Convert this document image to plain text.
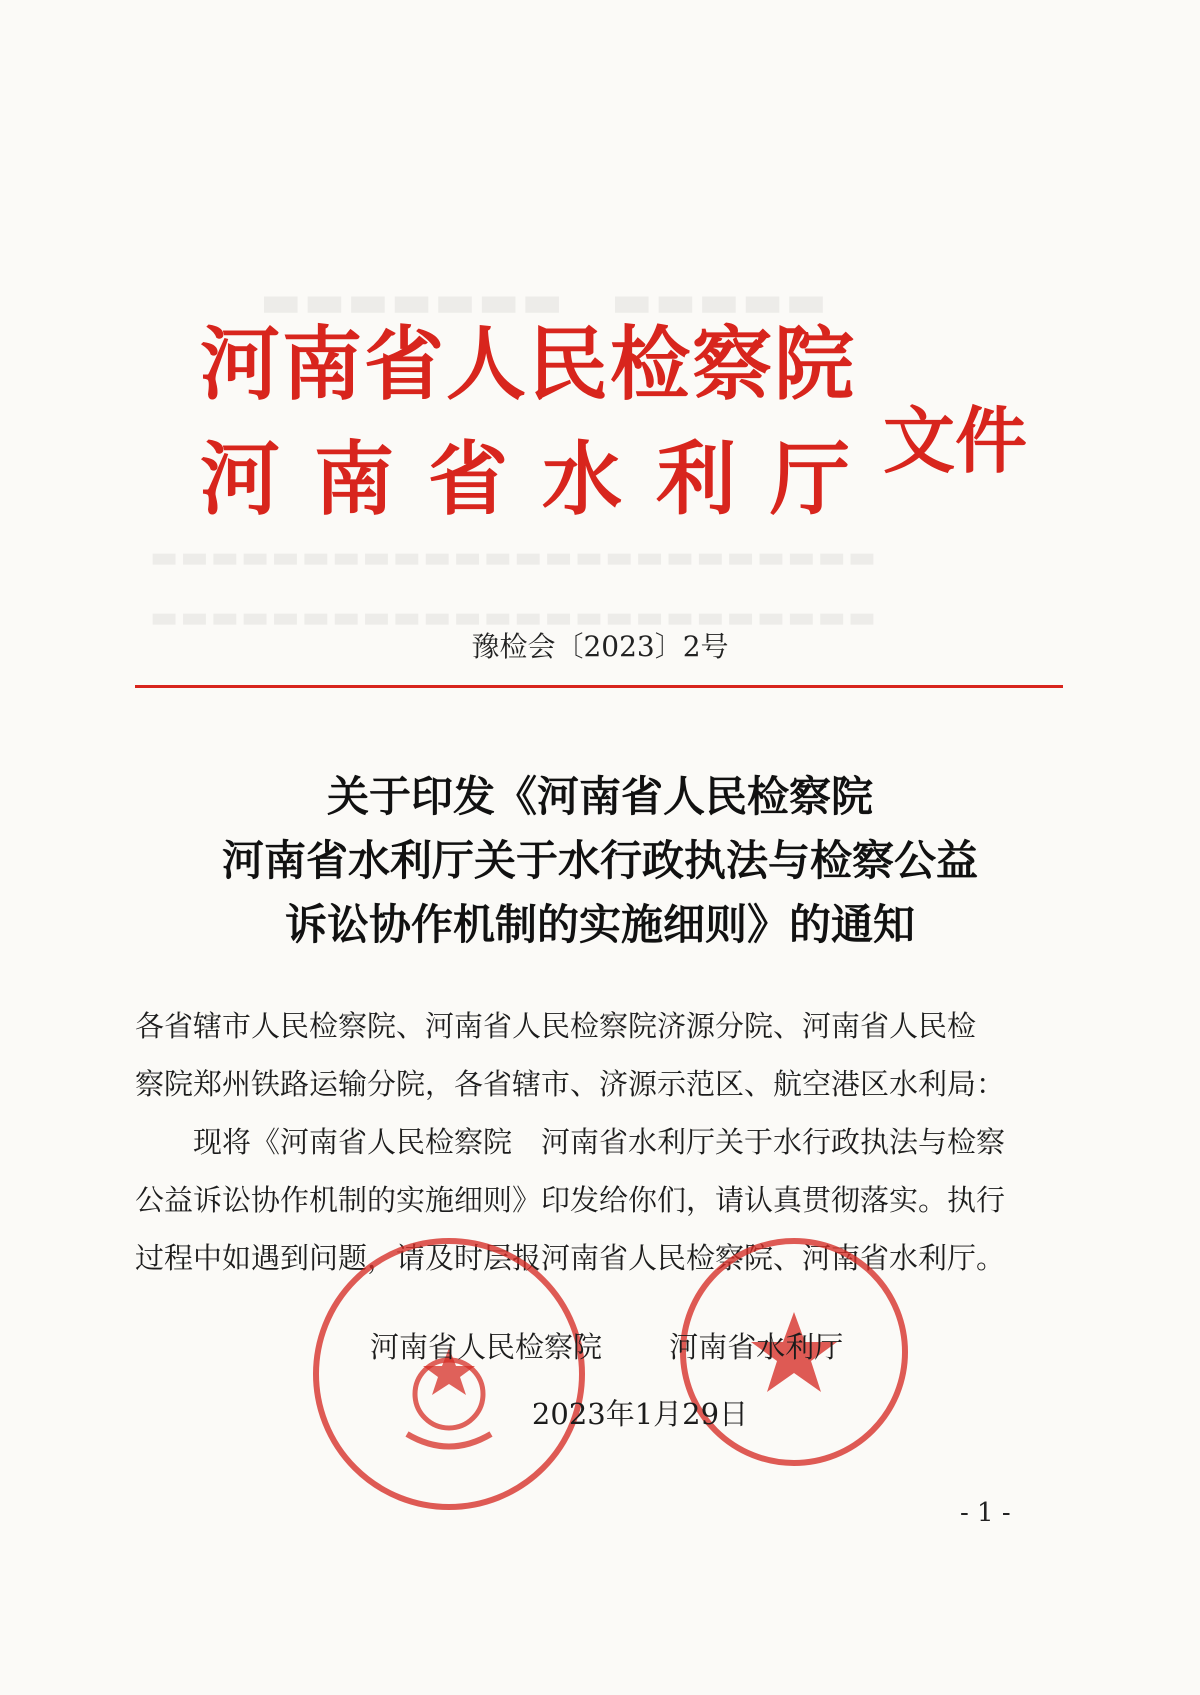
▬▬▬▬▬▬▬　▬▬▬▬▬
▬▬▬▬▬▬▬▬▬▬▬▬▬▬▬▬▬▬▬▬▬▬▬▬
▬▬▬▬▬▬▬▬▬▬▬▬▬▬▬▬▬▬▬▬▬▬▬▬
河南省人民检察院
河南省水利厅 文件
豫检会〔2023〕2号
关于印发《河南省人民检察院
河南省水利厅关于水行政执法与检察公益
诉讼协作机制的实施细则》的通知
各省辖市人民检察院、河南省人民检察院济源分院、河南省人民检
察院郑州铁路运输分院，各省辖市、济源示范区、航空港区水利局：
现将《河南省人民检察院　河南省水利厅关于水行政执法与检察
公益诉讼协作机制的实施细则》印发给你们，请认真贯彻落实。执行
过程中如遇到问题，请及时层报河南省人民检察院、河南省水利厅。
河南省人民检察院 河南省水利厅
2023年1月29日
- 1 -
